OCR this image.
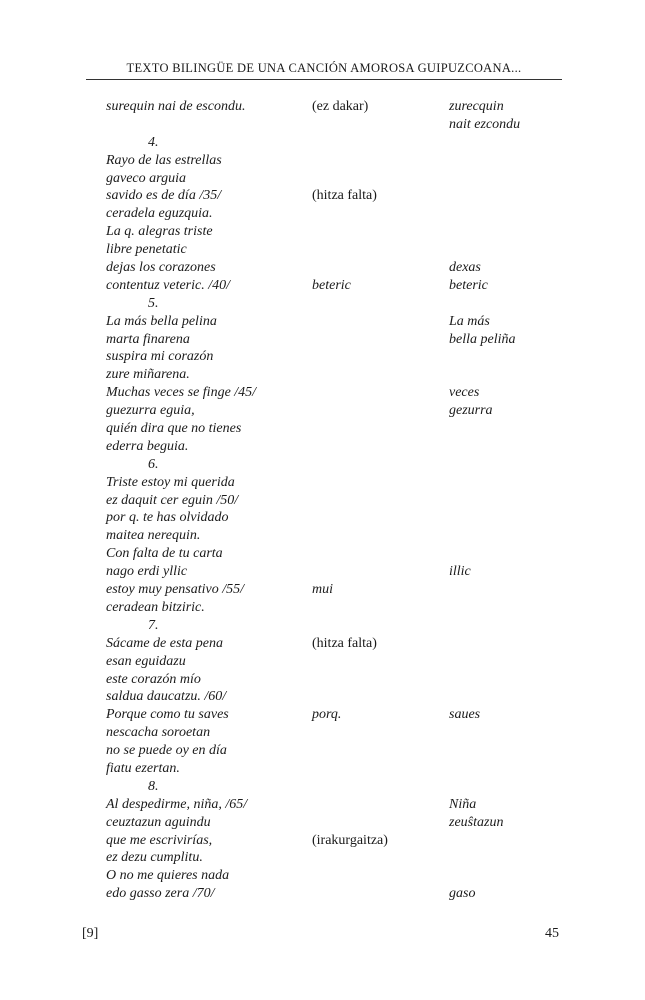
TEXTO BILINGÜE DE UNA CANCIÓN AMOROSA GUIPUZCOANA...
surequin nai de escondu.
4.
Rayo de las estrellas
gaveco arguia
savido es de día /35/
ceradela eguzquia.
La q. alegras triste
libre penetatic
dejas los corazones
contentuz veteric. /40/
5.
La más bella pelina
marta finarena
suspira mi corazón
zure miñarena.
Muchas veces se finge /45/
guezurra eguia,
quién dira que no tienes
ederra beguia.
6.
Triste estoy mi querida
ez daquit cer eguin /50/
por q. te has olvidado
maitea nerequin.
Con falta de tu carta
nago erdi yllic
estoy muy pensativo /55/
ceradean bitziric.
7.
Sácame de esta pena
esan eguidazu
este corazón mío
saldua daucatzu. /60/
Porque como tu saves
nescacha soroetan
no se puede oy en día
fiatu ezertan.
8.
Al despedirme, niña, /65/
ceuztazun aguindu
que me escrivirías,
ez dezu cumplitu.
O no me quieres nada
edo gasso zera /70/
(ez dakar)
(hitza falta)
beteric
mui
(hitza falta)
porq.
(irakurgaitza)
zurecquin
nait ezcondu
dexas
beteric
La más
bella peliña
veces
gezurra
illic
saues
Niña
zeuŝtazun
gaso
[9]	45
